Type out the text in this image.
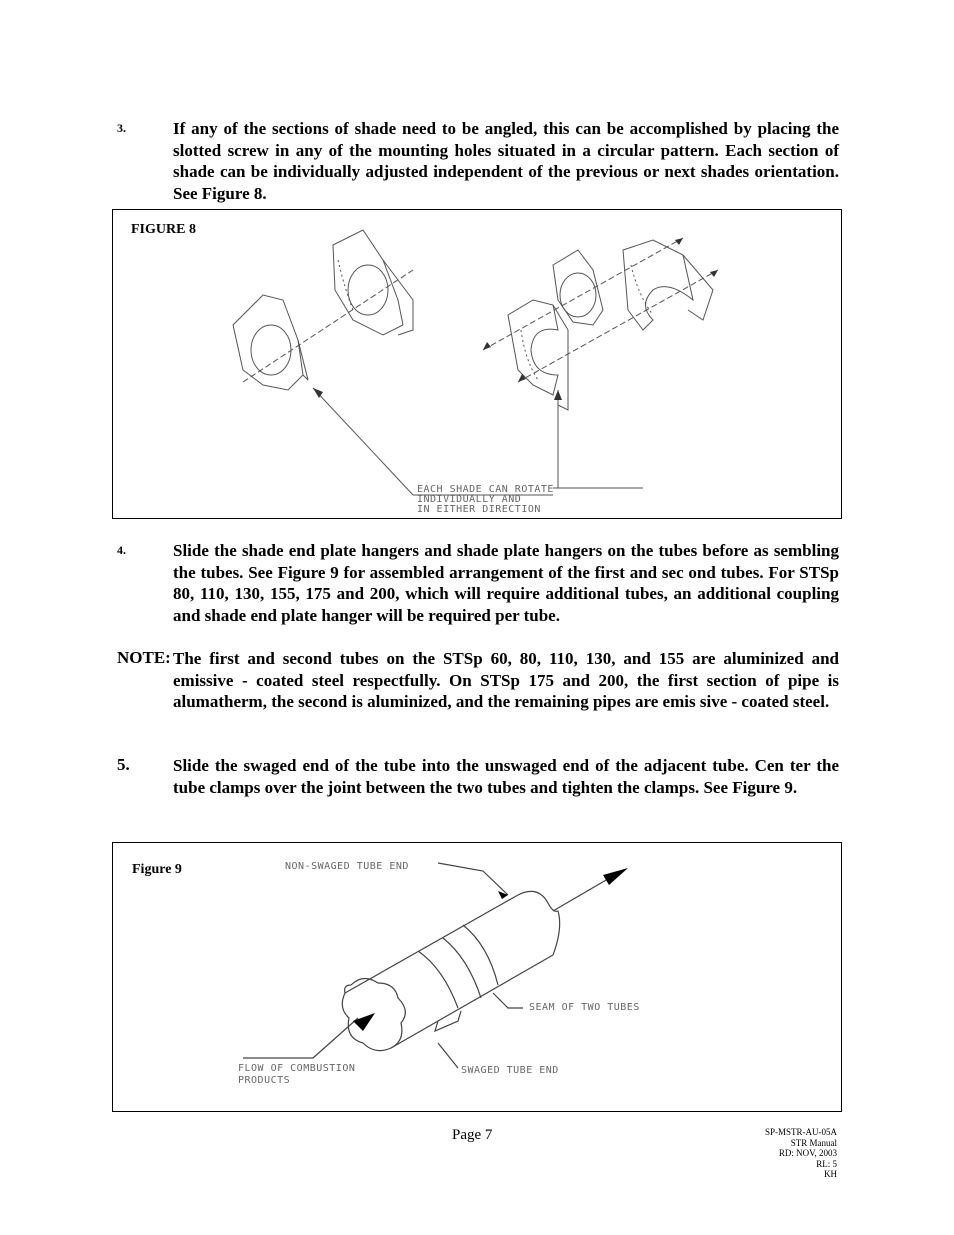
3.	If any of the sections of shade need to be angled, this can be accomplished by placing the slotted screw in any of the mounting holes situated in a circular pattern. Each section of shade can be individually adjusted independent of the previous or next shades orientation. See Figure 8.
FIGURE 8
EACH SHADE CAN ROTATE
INDIVIDUALLY AND
IN EITHER DIRECTION
4.	Slide the shade end plate hangers and shade plate hangers on the tubes before as sembling the tubes. See Figure 9 for assembled arrangement of the first and sec ond tubes. For STSp 80, 110, 130, 155, 175 and 200, which will require additional tubes, an additional coupling and shade end plate hanger will be required per tube.
NOTE: The first and second tubes on the STSp 60, 80, 110, 130, and 155 are aluminized and emissive - coated steel respectfully. On STSp 175 and 200, the first section of pipe is alumatherm, the second is aluminized, and the remaining pipes are emis sive - coated steel.
5.	Slide the swaged end of the tube into the unswaged end of the adjacent tube. Cen ter the tube clamps over the joint between the two tubes and tighten the clamps. See Figure 9.
Figure 9	NON-SWAGED TUBE END
SEAM OF TWO TUBES
FLOW OF COMBUSTION
PRODUCTS
SWAGED TUBE END
Page 7	SP-MSTR-AU-05A
STR Manual
RD: NOV, 2003
RL: 5
KH
